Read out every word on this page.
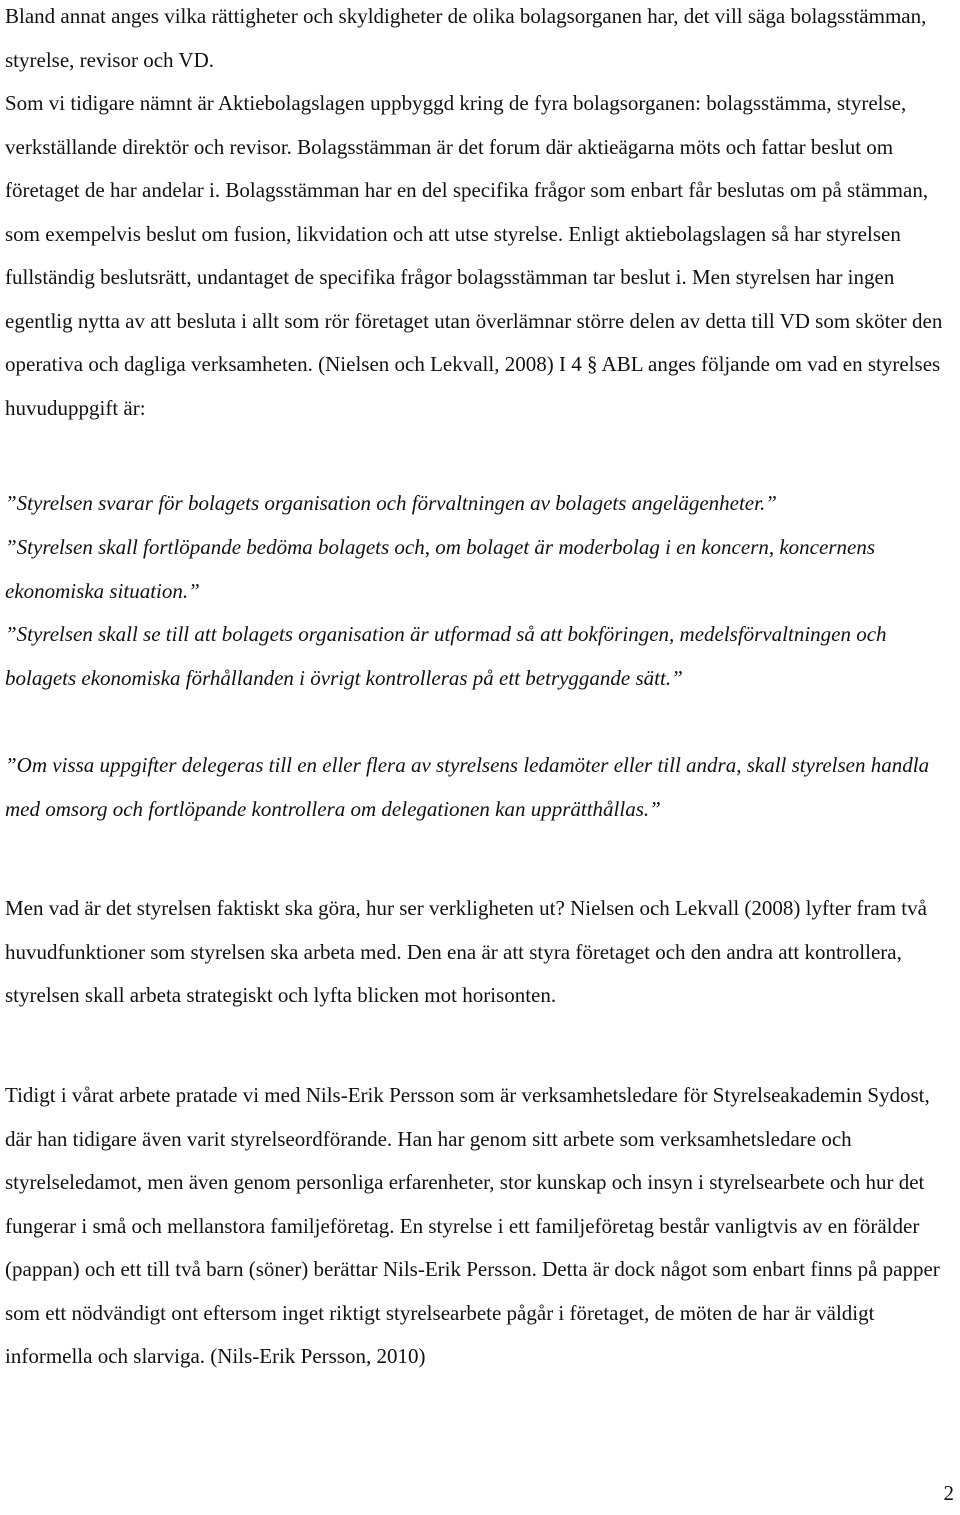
Bland annat anges vilka rättigheter och skyldigheter de olika bolagsorganen har, det vill säga bolagsstämman, styrelse, revisor och VD.

Som vi tidigare nämnt är Aktiebolagslagen uppbyggd kring de fyra bolagsorganen: bolagsstämma, styrelse, verkställande direktör och revisor. Bolagsstämman är det forum där aktieägarna möts och fattar beslut om företaget de har andelar i. Bolagsstämman har en del specifika frågor som enbart får beslutas om på stämman, som exempelvis beslut om fusion, likvidation och att utse styrelse. Enligt aktiebolagslagen så har styrelsen fullständig beslutsrätt, undantaget de specifika frågor bolagsstämman tar beslut i. Men styrelsen har ingen egentlig nytta av att besluta i allt som rör företaget utan överlämnar större delen av detta till VD som sköter den operativa och dagliga verksamheten. (Nielsen och Lekvall, 2008) I 4 § ABL anges följande om vad en styrelses huvuduppgift är:

”Styrelsen svarar för bolagets organisation och förvaltningen av bolagets angelägenheter.”

”Styrelsen skall fortlöpande bedöma bolagets och, om bolaget är moderbolag i en koncern, koncernens ekonomiska situation.”

”Styrelsen skall se till att bolagets organisation är utformad så att bokföringen, medelsförvaltningen och bolagets ekonomiska förhållanden i övrigt kontrolleras på ett betryggande sätt.”

”Om vissa uppgifter delegeras till en eller flera av styrelsens ledamöter eller till andra, skall styrelsen handla med omsorg och fortlöpande kontrollera om delegationen kan upprätthållas.”

Men vad är det styrelsen faktiskt ska göra, hur ser verkligheten ut? Nielsen och Lekvall (2008) lyfter fram två huvudfunktioner som styrelsen ska arbeta med. Den ena är att styra företaget och den andra att kontrollera, styrelsen skall arbeta strategiskt och lyfta blicken mot horisonten.

Tidigt i vårat arbete pratade vi med Nils-Erik Persson som är verksamhetsledare för Styrelseakademin Sydost, där han tidigare även varit styrelseordförande. Han har genom sitt arbete som verksamhetsledare och styrelseledamot, men även genom personliga erfarenheter, stor kunskap och insyn i styrelsearbete och hur det fungerar i små och mellanstora familjeföretag. En styrelse i ett familjeföretag består vanligtvis av en förälder (pappan) och ett till två barn (söner) berättar Nils-Erik Persson. Detta är dock något som enbart finns på papper som ett nödvändigt ont eftersom inget riktigt styrelsearbete pågår i företaget, de möten de har är väldigt informella och slarviga. (Nils-Erik Persson, 2010)

2
